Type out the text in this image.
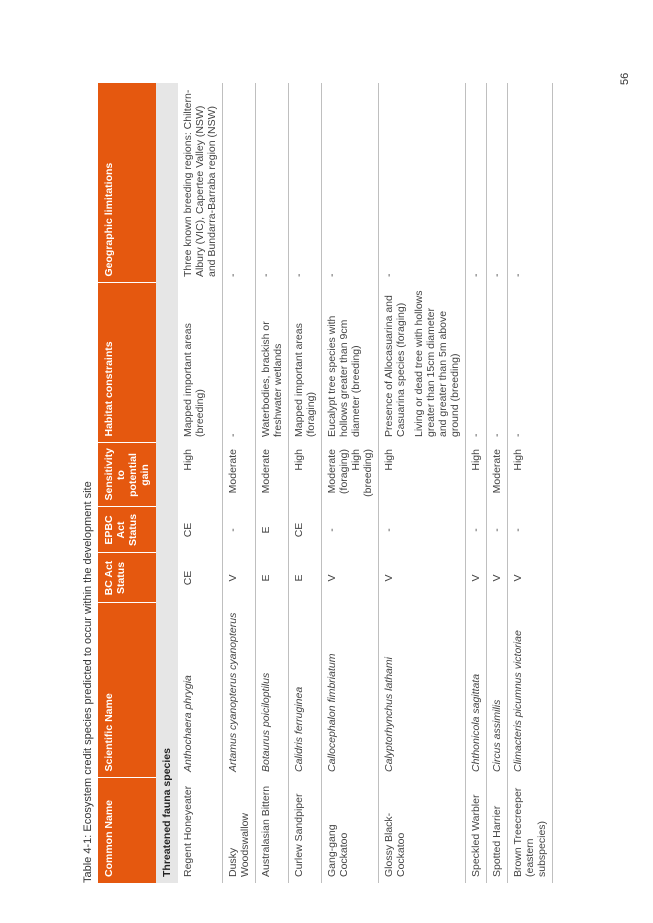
Table 4-1: Ecosystem credit species predicted to occur within the development site Common Name	Scientific Name	BC Act Status	EPBC Act Status	Sensitivity to potential gain	Habitat constraints	Geographic limitations
Threatened fauna species						
Regent Honeyeater	Anthochaera phrygia	CE	CE	High	Mapped important areas (breeding)	Three known breeding regions: Chiltern-Albury (VIC), Capertee Valley (NSW) and Bundarra-Barraba region (NSW)
Dusky Woodswallow	Artamus cyanopterus cyanopterus	V	-	Moderate	-	-
Australasian Bittern	Botaurus poiciloptilus	E	E	Moderate	Waterbodies, brackish or freshwater wetlands	-
Curlew Sandpiper	Calidris ferruginea	E	CE	High	Mapped important areas (foraging)	-
Gang-gang Cockatoo	Callocephalon fimbriatum	V	-	Moderate (foraging) High (breeding)	Eucalypt tree species with hollows greater than 9cm diameter (breeding)	-
Glossy Black-Cockatoo	Calyptorhynchus lathami	V	-	High	Presence of Allocasuarina and Casuarina species (foraging) Living or dead tree with hollows greater than 15cm diameter and greater than 5m above ground (breeding)	-
Speckled Warbler	Chthonicola sagittata	V	-	High	-	-
Spotted Harrier	Circus assimilis	V	-	Moderate	-	-
Brown Treecreeper (eastern subspecies)	Climacteris picumnus victoriae	V	-	High	-	-
56
